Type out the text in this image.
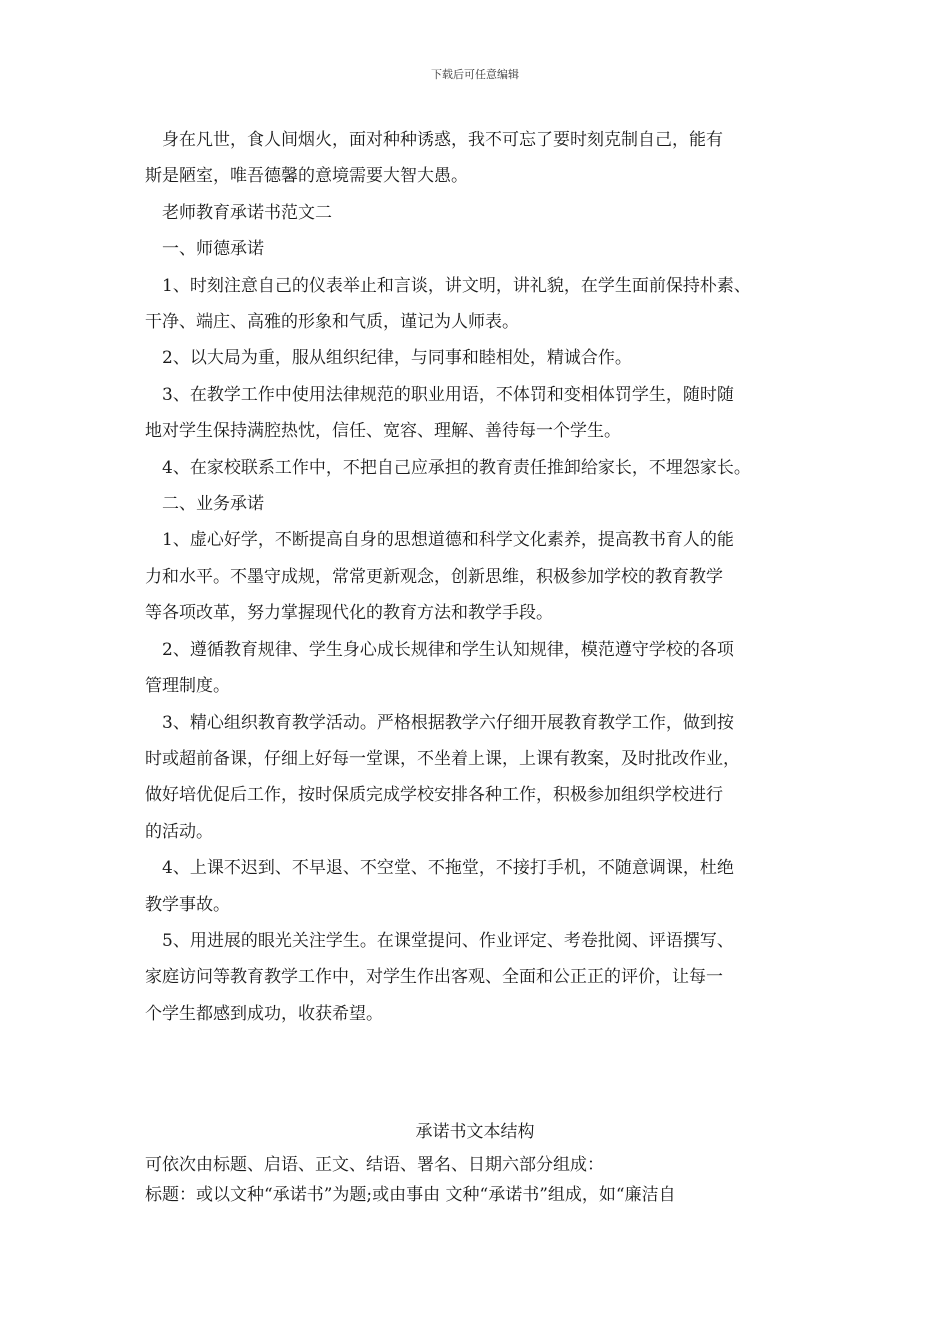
下载后可任意编辑

身在凡世，食人间烟火，面对种种诱惑，我不可忘了要时刻克制自己，能有

斯是陋室，唯吾德馨的意境需要大智大愚。

老师教育承诺书范文二

一、师德承诺

1、时刻注意自己的仪表举止和言谈，讲文明，讲礼貌，在学生面前保持朴素、

干净、端庄、高雅的形象和气质，谨记为人师表。

2、以大局为重，服从组织纪律，与同事和睦相处，精诚合作。

3、在教学工作中使用法律规范的职业用语，不体罚和变相体罚学生，随时随

地对学生保持满腔热忱，信任、宽容、理解、善待每一个学生。

4、在家校联系工作中，不把自己应承担的教育责任推卸给家长，不埋怨家长。

二、业务承诺

1、虚心好学，不断提高自身的思想道德和科学文化素养，提高教书育人的能

力和水平。不墨守成规，常常更新观念，创新思维，积极参加学校的教育教学

等各项改革，努力掌握现代化的教育方法和教学手段。

2、遵循教育规律、学生身心成长规律和学生认知规律，模范遵守学校的各项

管理制度。

3、精心组织教育教学活动。严格根据教学六仔细开展教育教学工作，做到按

时或超前备课，仔细上好每一堂课，不坐着上课，上课有教案，及时批改作业，

做好培优促后工作，按时保质完成学校安排各种工作，积极参加组织学校进行

的活动。

4、上课不迟到、不早退、不空堂、不拖堂，不接打手机，不随意调课，杜绝

教学事故。

5、用进展的眼光关注学生。在课堂提问、作业评定、考卷批阅、评语撰写、

家庭访问等教育教学工作中，对学生作出客观、全面和公正正的评价，让每一

个学生都感到成功，收获希望。

承诺书文本结构

可依次由标题、启语、正文、结语、署名、日期六部分组成：

标题：或以文种“承诺书”为题;或由事由 文种“承诺书”组成，如“廉洁自
